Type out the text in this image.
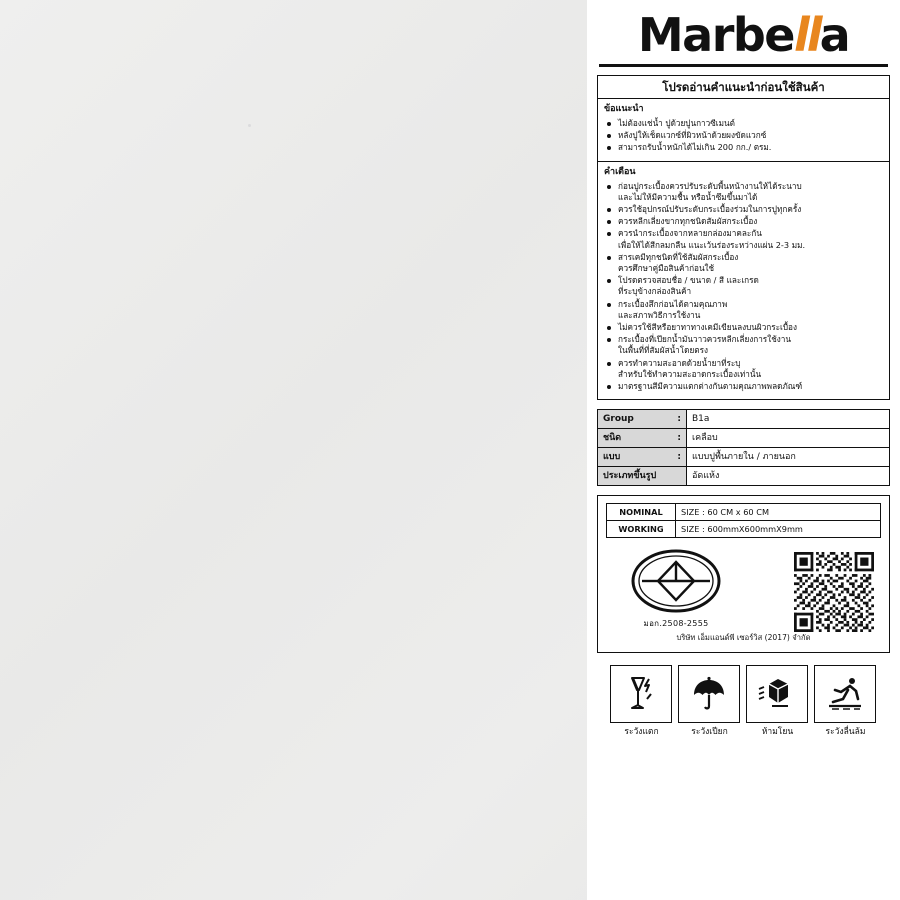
Marbella
โปรดอ่านคำแนะนำก่อนใช้สินค้า
ข้อแนะนำ
ไม่ต้องแช่น้ำ ปูด้วยปูนกาวซีเมนต์
หลังปูให้เช็ดแวกซ์ที่ผิวหน้าด้วยผงขัดแวกซ์
สามารถรับน้ำหนักได้ไม่เกิน 200 กก./ ตรม.
คำเตือน
ก่อนปูกระเบื้องควรปรับระดับพื้นหน้างานให้ได้ระนาบ
และไม่ให้มีความชื้น หรือน้ำซึมขึ้นมาได้
ควรใช้อุปกรณ์ปรับระดับกระเบื้องร่วมในการปูทุกครั้ง
ควรหลีกเลี่ยงขากทุกชนิดสัมผัสกระเบื้อง
ควรนำกระเบื้องจากหลายกล่องมาคละกัน
เพื่อให้ได้สีกลมกลืน แนะเว้นร่องระหว่างแผ่น 2-3 มม.
สารเคมีทุกชนิดที่ใช้สัมผัสกระเบื้อง
ควรศึกษาคู่มือสินค้าก่อนใช้
โปรดตรวจสอบชื่อ / ขนาด / สี และเกรด
ที่ระบุข้างกล่องสินค้า
กระเบื้องสึกก่อนได้ตามคุณภาพ
และสภาพวิธีการใช้งาน
ไม่ควรใช้สีหรือยาทาทางเคมีเขียนลงบนผิวกระเบื้อง
กระเบื้องที่เปียกน้ำมันวาวควรหลีกเลี่ยงการใช้งาน
ในพื้นที่ที่สัมผัสน้ำโดยตรง
ควรทำความสะอาดด้วยน้ำยาที่ระบุ
สำหรับใช้ทำความสะอาดกระเบื้องเท่านั้น
มาตรฐานสีมีความแตกต่างกันตามคุณภาพพลดภัณฑ์
Group :	B1a
ชนิด :	เคลือบ
แบบ :	แบบปูพื้นภายใน / ภายนอก
ประเภทขึ้นรูป	อัดแห้ง
NOMINAL	SIZE : 60 CM x 60 CM
WORKING	SIZE : 600mmX600mmX9mm
มอก.2508-2555
บริษัท เอ็มแอนด์พี เซอร์วิส (2017) จำกัด
ระวังแตก	ระวังเปียก	ห้ามโยน	ระวังลื่นล้ม
